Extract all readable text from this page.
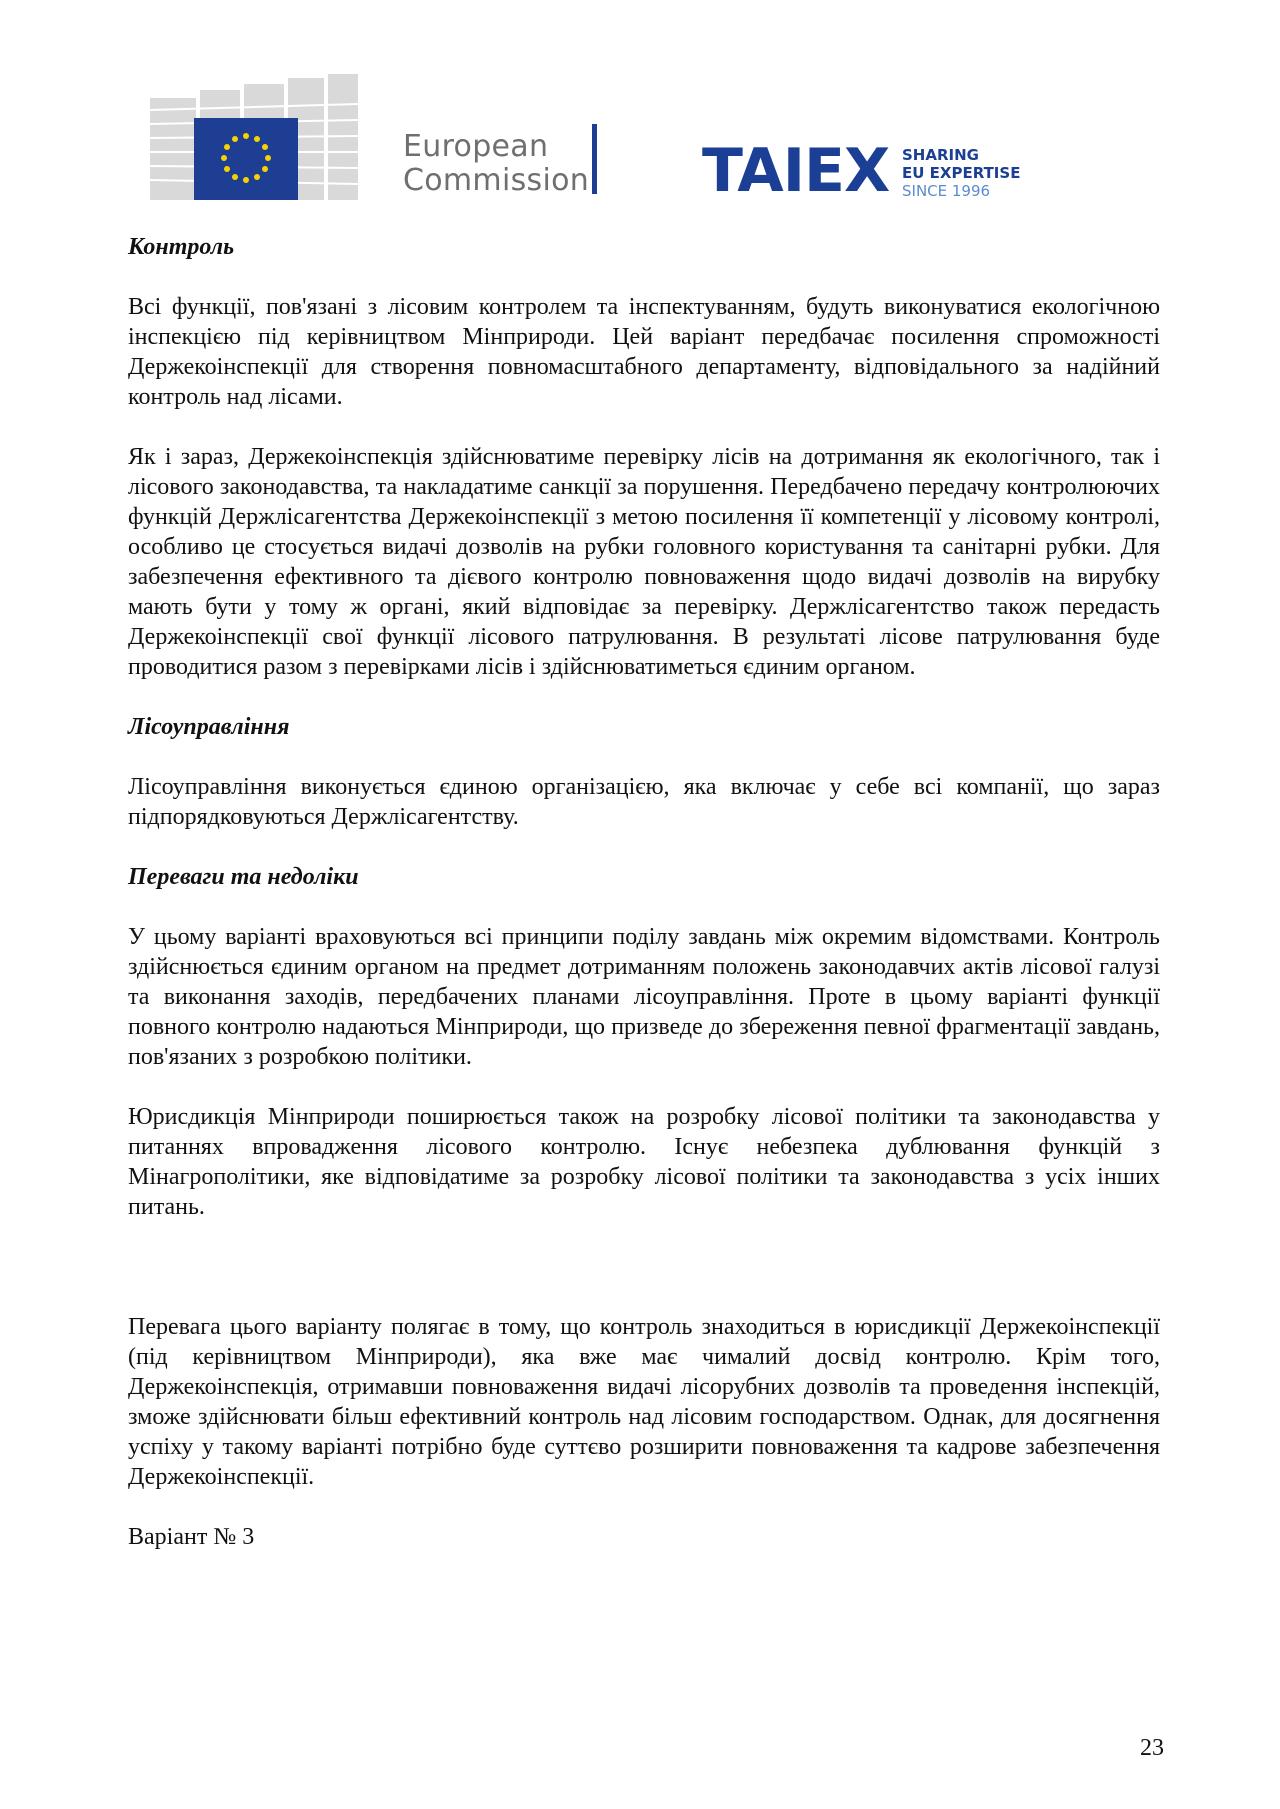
European
Commission TAIEX SHARING
EU EXPERTISE
SINCE 1996
Контроль

Всі функції, пов'язані з лісовим контролем та інспектуванням, будуть виконуватися екологічною інспекцією під керівництвом Мінприроди. Цей варіант передбачає посилення спроможності Держекоінспекції для створення повномасштабного департаменту, відповідального за надійний контроль над лісами.

Як і зараз, Держекоінспекція здійснюватиме перевірку лісів на дотримання як екологічного, так і лісового законодавства, та накладатиме санкції за порушення. Передбачено передачу контролюючих функцій Держлісагентства Держекоінспекції з метою посилення її компетенції у лісовому контролі, особливо це стосується видачі дозволів на рубки головного користування та санітарні рубки. Для забезпечення ефективного та дієвого контролю повноваження щодо видачі дозволів на вирубку мають бути у тому ж органі, який відповідає за перевірку. Держлісагентство також передасть Держекоінспекції свої функції лісового патрулювання. В результаті лісове патрулювання буде проводитися разом з перевірками лісів і здійснюватиметься єдиним органом.

Лісоуправління

Лісоуправління виконується єдиною організацією, яка включає у себе всі компанії, що зараз підпорядковуються Держлісагентству.

Переваги та недоліки

У цьому варіанті враховуються всі принципи поділу завдань між окремим відомствами. Контроль здійснюється єдиним органом на предмет дотриманням положень законодавчих актів лісової галузі та виконання заходів, передбачених планами лісоуправління. Проте в цьому варіанті функції повного контролю надаються Мінприроди, що призведе до збереження певної фрагментації завдань, пов'язаних з розробкою політики.

Юрисдикція Мінприроди поширюється також на розробку лісової політики та законодавства у питаннях впровадження лісового контролю. Існує небезпека дублювання функцій з Мінагрополітики, яке відповідатиме за розробку лісової політики та законодавства з усіх інших питань.

Перевага цього варіанту полягає в тому, що контроль знаходиться в юрисдикції Держекоінспекції (під керівництвом Мінприроди), яка вже має чималий досвід контролю. Крім того, Держекоінспекція, отримавши повноваження видачі лісорубних дозволів та проведення інспекцій, зможе здійснювати більш ефективний контроль над лісовим господарством. Однак, для досягнення успіху у такому варіанті потрібно буде суттєво розширити повноваження та кадрове забезпечення Держекоінспекції.

Варіант № 3

23
